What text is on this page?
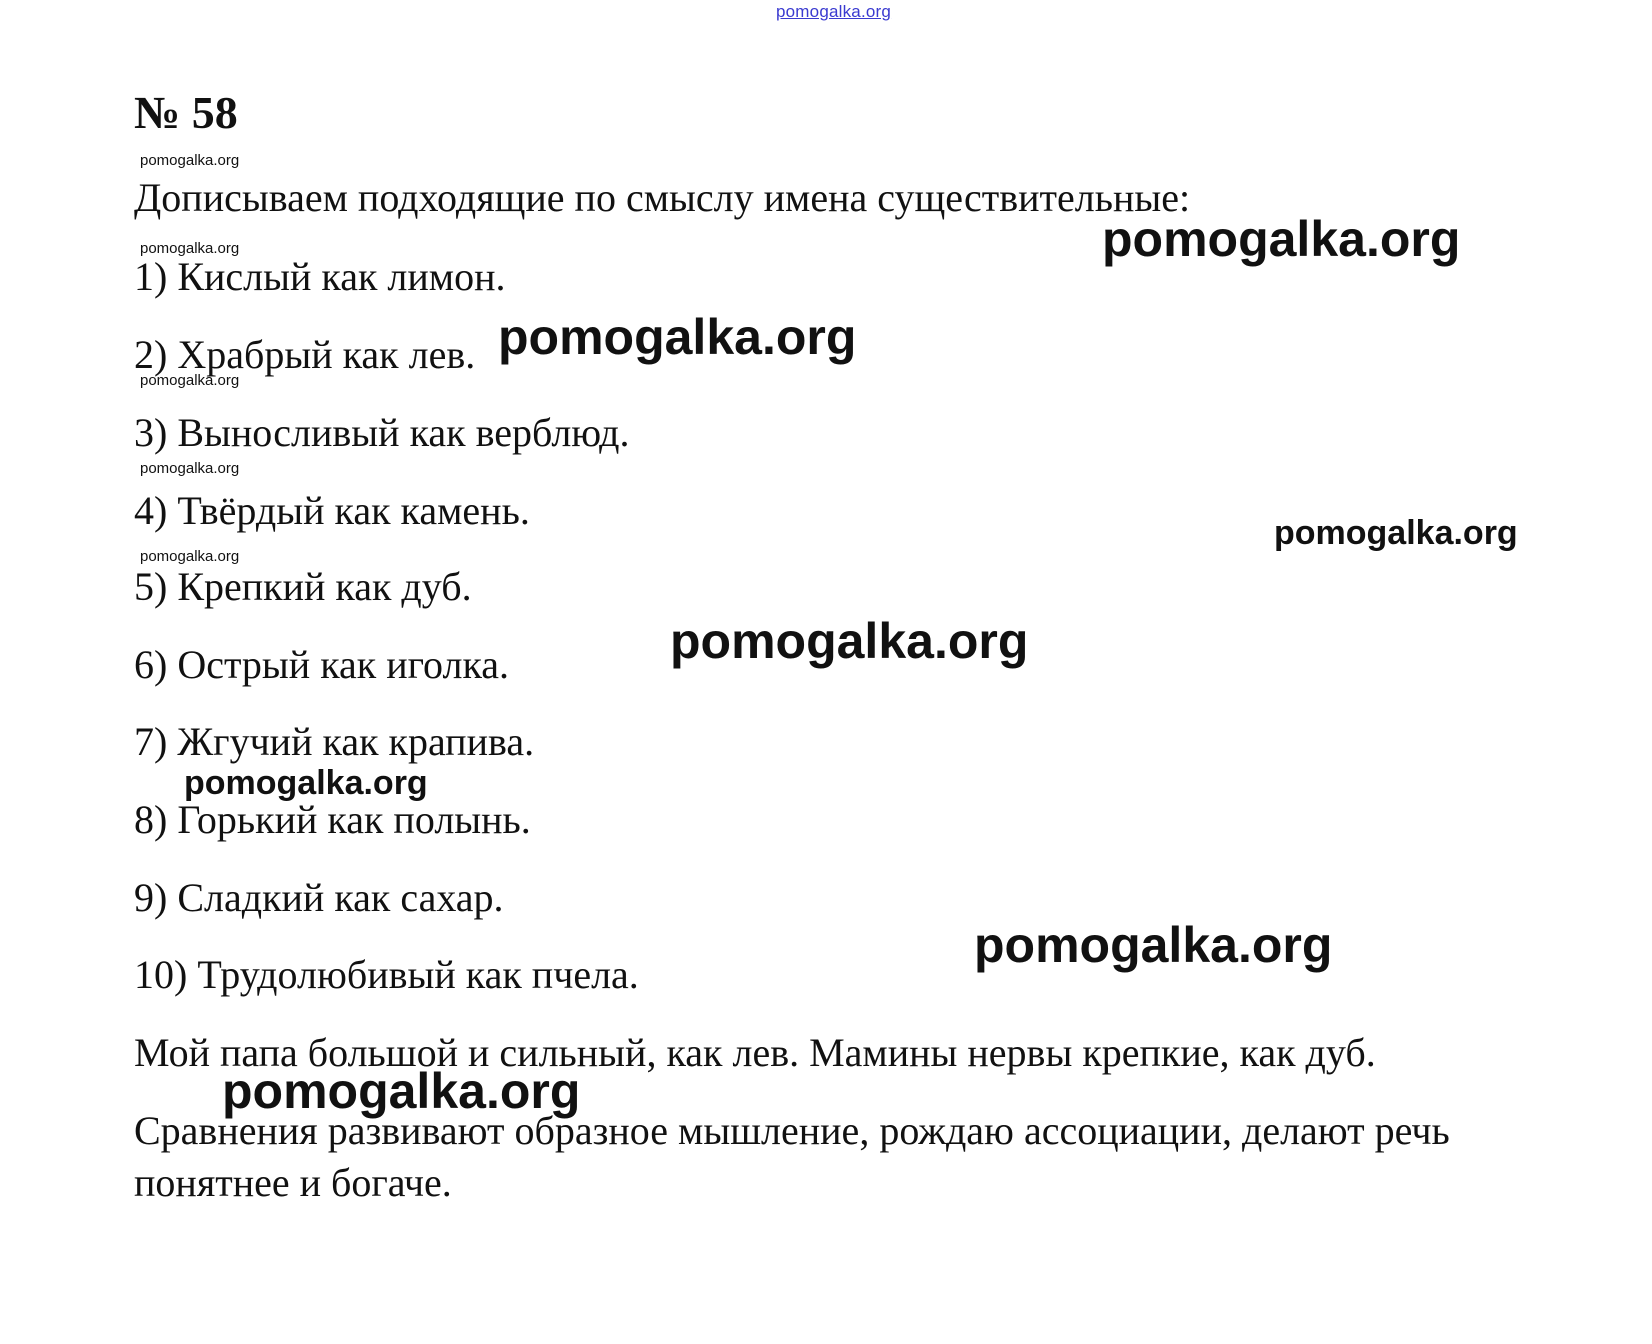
pomogalka.org
№ 58
pomogalka.org
Дописываем подходящие по смыслу имена существительные:
pomogalka.org
pomogalka.org
1) Кислый как лимон.
2) Храбрый как лев. pomogalka.org
pomogalka.org
3) Выносливый как верблюд.
pomogalka.org
4) Твёрдый как камень.	pomogalka.org
pomogalka.org
5) Крепкий как дуб.
6) Острый как иголка.	pomogalka.org
7) Жгучий как крапива.
pomogalka.org
8) Горький как полынь.
9) Сладкий как сахар.
pomogalka.org
10) Трудолюбивый как пчела.
Мой папа большой и сильный, как лев. Мамины нервы крепкие, как дуб.
pomogalka.org
Сравнения развивают образное мышление, рождаю ассоциации, делают речь
понятнее и богаче.
